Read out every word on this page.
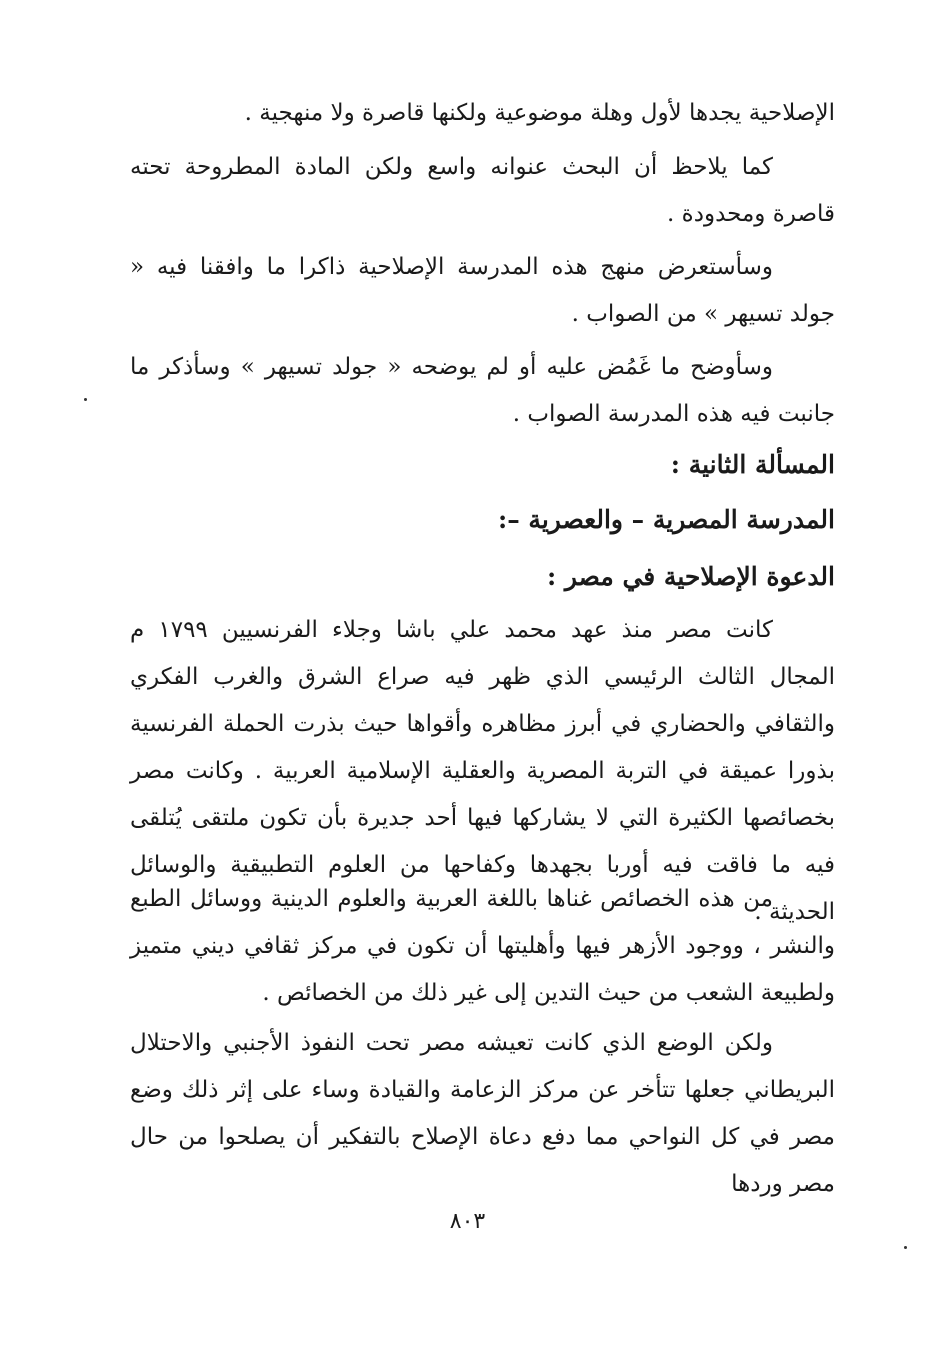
الإصلاحية يجدها لأول وهلة موضوعية ولكنها قاصرة ولا منهجية .

كما يلاحظ أن البحث عنوانه واسع ولكن المادة المطروحة تحته قاصرة ومحدودة .

وسأستعرض منهج هذه المدرسة الإصلاحية ذاكرا ما وافقنا فيه « جولد تسيهر » من الصواب .

وسأوضح ما غَمُض عليه أو لم يوضحه « جولد تسيهر » وسأذكر ما جانبت فيه هذه المدرسة الصواب .

المسألة الثانية :
المدرسة المصرية – والعصرية –:
الدعوة الإصلاحية في مصر :

كانت مصر منذ عهد محمد علي باشا وجلاء الفرنسيين ١٧٩٩ م المجال الثالث الرئيسي الذي ظهر فيه صراع الشرق والغرب الفكري والثقافي والحضاري في أبرز مظاهره وأقواها حيث بذرت الحملة الفرنسية بذورا عميقة في التربة المصرية والعقلية الإسلامية العربية . وكانت مصر بخصائصها الكثيرة التي لا يشاركها فيها أحد جديرة بأن تكون ملتقى يُتلقى فيه ما فاقت فيه أوربا بجهدها وكفاحها من العلوم التطبيقية والوسائل الحديثة .

من هذه الخصائص غناها باللغة العربية والعلوم الدينية ووسائل الطبع والنشر ، ووجود الأزهر فيها وأهليتها أن تكون في مركز ثقافي ديني متميز ولطبيعة الشعب من حيث التدين إلى غير ذلك من الخصائص .

ولكن الوضع الذي كانت تعيشه مصر تحت النفوذ الأجنبي والاحتلال البريطاني جعلها تتأخر عن مركز الزعامة والقيادة وساء على إثر ذلك وضع مصر في كل النواحي مما دفع دعاة الإصلاح بالتفكير أن يصلحوا من حال مصر وردها

٨٠٣
